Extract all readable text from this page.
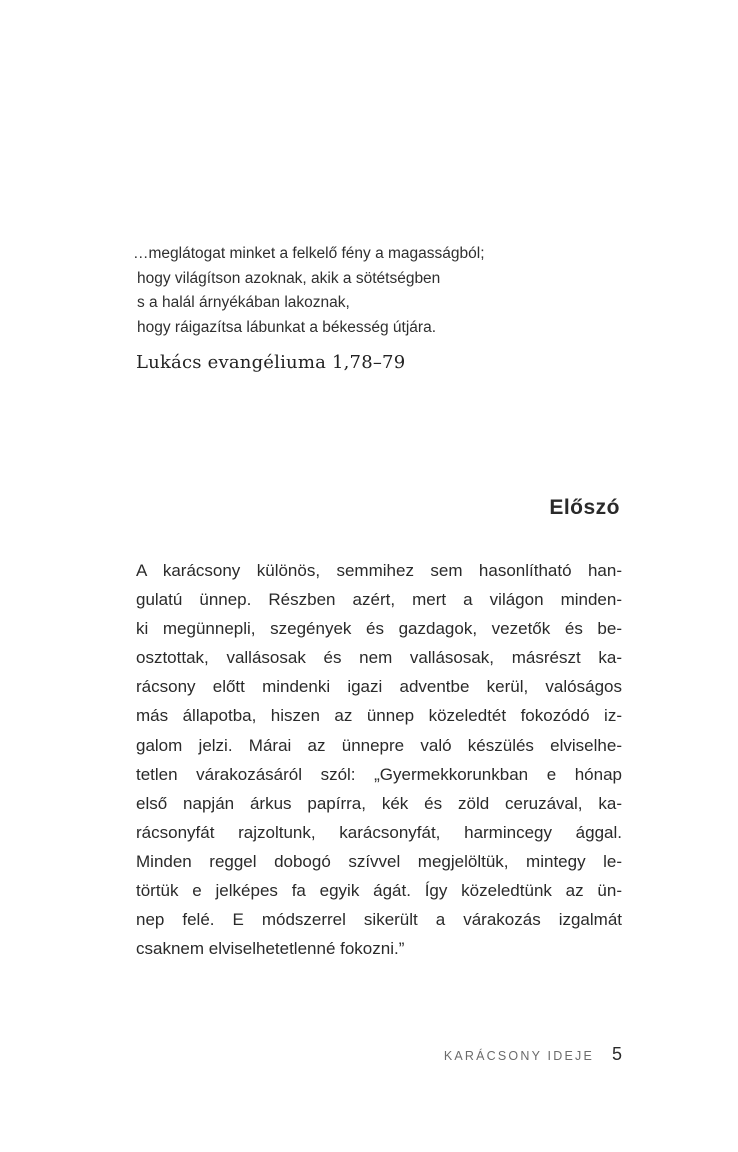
…meglátogat minket a felkelő fény a magasságból;

hogy világítson azoknak, akik a sötétségben

s a halál árnyékában lakoznak,

hogy ráigazítsa lábunkat a békesség útjára.

Lukács evangéliuma 1,78–79
Előszó
A karácsony különös, semmihez sem hasonlítható han-
gulatú ünnep. Részben azért, mert a világon minden-
ki megünnepli, szegények és gazdagok, vezetők és be-
osztottak, vallásosak és nem vallásosak, másrészt ka-
rácsony előtt mindenki igazi adventbe kerül, valóságos
más állapotba, hiszen az ünnep közeledtét fokozódó iz-
galom jelzi. Márai az ünnepre való készülés elviselhe-
tetlen várakozásáról szól: „Gyermekkorunkban e hónap
első napján árkus papírra, kék és zöld ceruzával, ka-
rácsonyfát rajzoltunk, karácsonyfát, harmincegy ággal.
Minden reggel dobogó szívvel megjelöltük, mintegy le-
törtük e jelképes fa egyik ágát. Így közeledtünk az ün-
nep felé. E módszerrel sikerült a várakozás izgalmát
csaknem elviselhetetlenné fokozni.”
KARÁCSONY IDEJE 5
